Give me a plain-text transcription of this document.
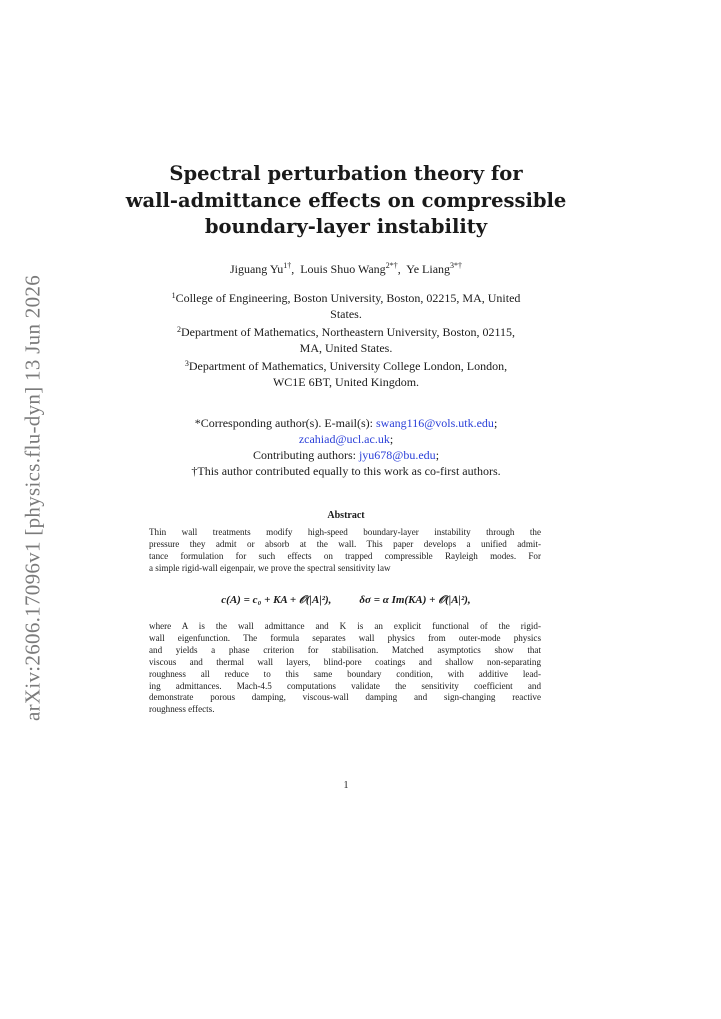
arXiv:2606.17096v1 [physics.flu-dyn] 13 Jun 2026
Spectral perturbation theory for
wall-admittance effects on compressible
boundary-layer instability
Jiguang $Yu^{1\dagger}$,  Louis Shuo Wang$^{2*\dagger}$,  Ye Liang$^{3*\dagger}$
$^1$College of Engineering, Boston University, Boston, 02215, MA, United
States.
$^2$Department of Mathematics, Northeastern University, Boston, 02115,
MA, United States.
$^3$Department of Mathematics, University College London, London,
WC1E 6BT, United Kingdom.
*Corresponding author(s). E-mail(s): swang116@vols.utk.edu;
zcahiad@ucl.ac.uk;
Contributing authors: jyu678@bu.edu;
†This author contributed equally to this work as co-first authors.
Abstract
Thin wall treatments modify high-speed boundary-layer instability through the
pressure they admit or absorb at the wall. This paper develops a unified admit-
tance formulation for such effects on trapped compressible Rayleigh modes. For
a simple rigid-wall eigenpair, we prove the spectral sensitivity law
c(A) = c₀ + KA + 𝒪(|A|²),	δσ = α Im(KA) + 𝒪(|A|²),
where A is the wall admittance and K is an explicit functional of the rigid-
wall eigenfunction. The formula separates wall physics from outer-mode physics
and yields a phase criterion for stabilisation. Matched asymptotics show that
viscous and thermal wall layers, blind-pore coatings and shallow non-separating
roughness all reduce to this same boundary condition, with additive lead-
ing admittances. Mach-4.5 computations validate the sensitivity coefficient and
demonstrate porous damping, viscous-wall damping and sign-changing reactive
roughness effects.
1
